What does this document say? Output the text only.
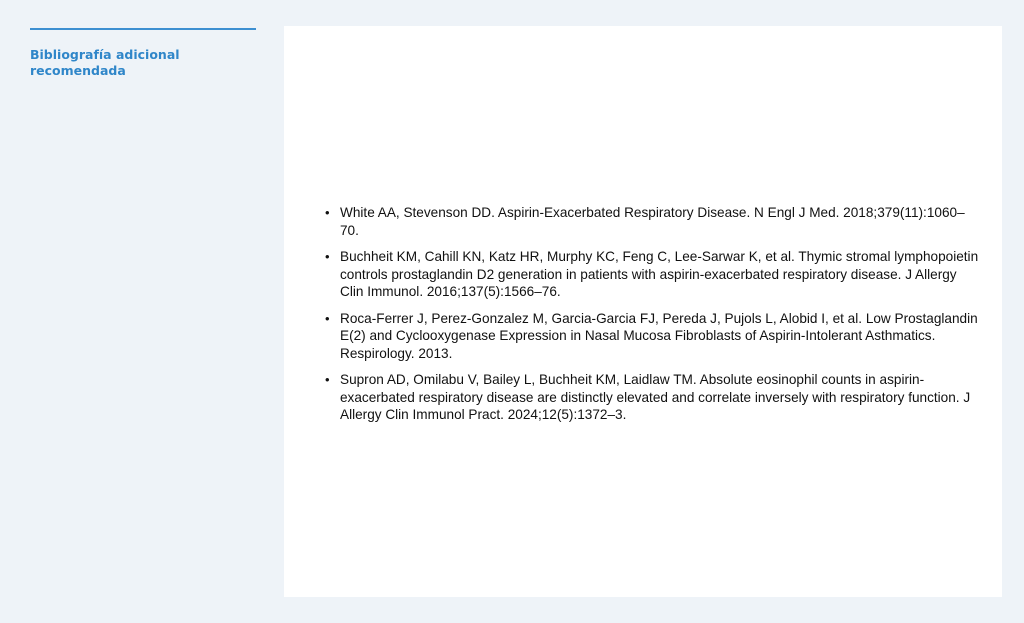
Bibliografía adicional
recomendada
• White AA, Stevenson DD. Aspirin-Exacerbated Respiratory Disease. N Engl J Med. 2018;379(11):1060–70.
• Buchheit KM, Cahill KN, Katz HR, Murphy KC, Feng C, Lee-Sarwar K, et al. Thymic stromal lymphopoietin controls prostaglandin D2 generation in patients with aspirin-exacerbated respiratory disease. J Allergy Clin Immunol. 2016;137(5):1566–76.
• Roca-Ferrer J, Perez-Gonzalez M, Garcia-Garcia FJ, Pereda J, Pujols L, Alobid I, et al. Low Prostaglandin E(2) and Cyclooxygenase Expression in Nasal Mucosa Fibroblasts of Aspirin-Intolerant Asthmatics. Respirology. 2013.
• Supron AD, Omilabu V, Bailey L, Buchheit KM, Laidlaw TM. Absolute eosinophil counts in aspirin-exacerbated respiratory disease are distinctly elevated and correlate inversely with respiratory function. J Allergy Clin Immunol Pract. 2024;12(5):1372–3.
